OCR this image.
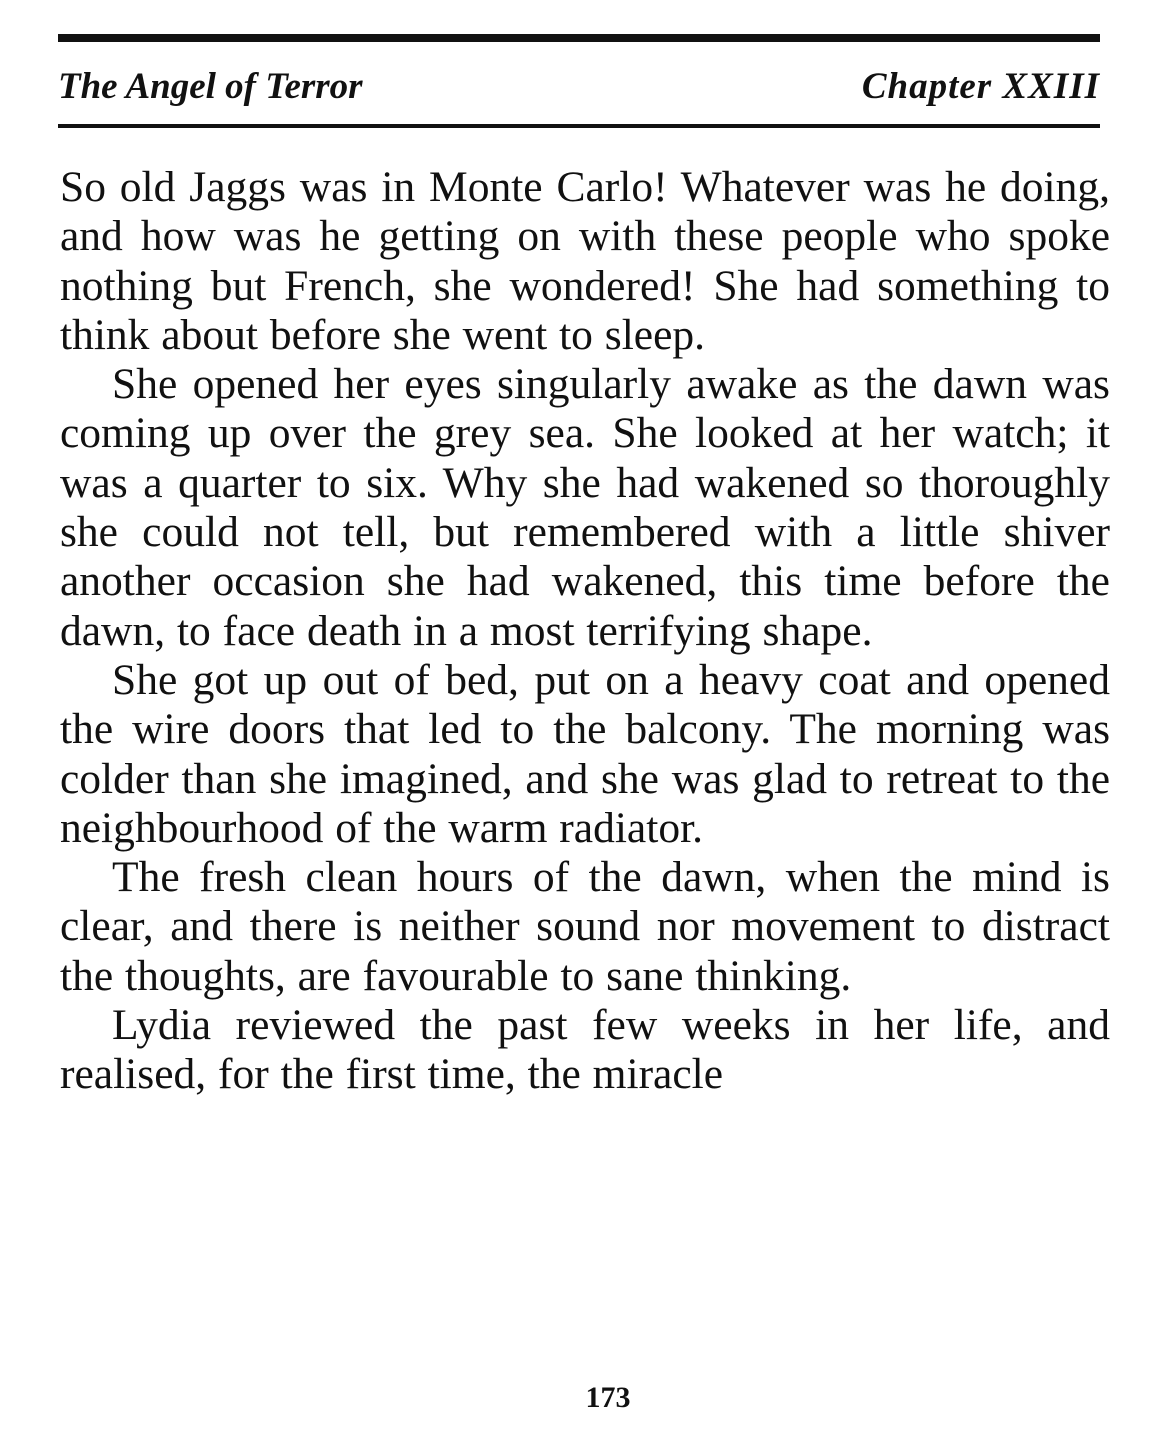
The Angel of Terror	Chapter XXIII

So old Jaggs was in Monte Carlo! Whatever was he doing, and how was he getting on with these people who spoke nothing but French, she wondered! She had something to think about before she went to sleep.

She opened her eyes singularly awake as the dawn was coming up over the grey sea. She looked at her watch; it was a quarter to six. Why she had wakened so thoroughly she could not tell, but remembered with a little shiver another occasion she had wakened, this time before the dawn, to face death in a most terrifying shape.

She got up out of bed, put on a heavy coat and opened the wire doors that led to the balcony. The morning was colder than she imagined, and she was glad to retreat to the neighbourhood of the warm radiator.

The fresh clean hours of the dawn, when the mind is clear, and there is neither sound nor movement to distract the thoughts, are favourable to sane thinking.

Lydia reviewed the past few weeks in her life, and realised, for the first time, the miracle

173
